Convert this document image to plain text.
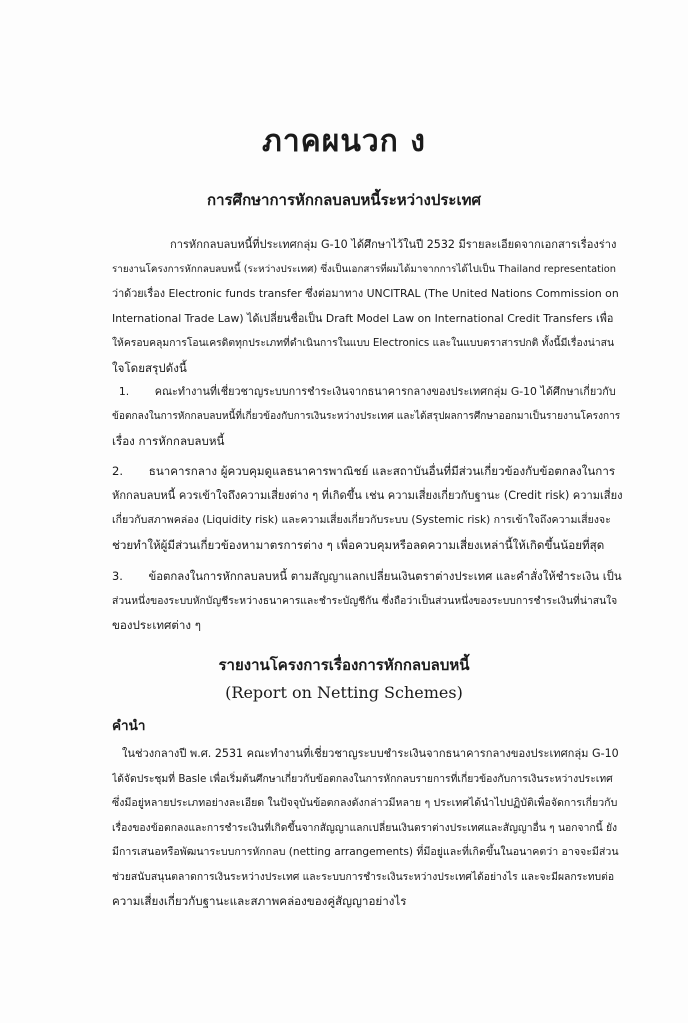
ภาคผนวก ง
การศึกษาการหักกลบลบหนี้ระหว่างประเทศ
การหักกลบลบหนี้ที่ประเทศกลุ่ม G-10 ได้ศึกษาไว้ในปี 2532 มีรายละเอียดจากเอกสารเรื่องร่าง
รายงานโครงการหักกลบลบหนี้ (ระหว่างประเทศ) ซึ่งเป็นเอกสารที่ผมได้มาจากการได้ไปเป็น Thailand representation
ว่าด้วยเรื่อง Electronic funds transfer ซึ่งต่อมาทาง UNCITRAL (The United Nations Commission on
International Trade Law) ได้เปลี่ยนชื่อเป็น Draft Model Law on International Credit Transfers เพื่อ
ให้ครอบคลุมการโอนเครดิตทุกประเภทที่ดำเนินการในแบบ Electronics และในแบบตราสารปกติ ทั้งนี้มีเรื่องน่าสน
ใจโดยสรุปดังนี้
1. คณะทำงานที่เชี่ยวชาญระบบการชำระเงินจากธนาคารกลางของประเทศกลุ่ม G-10 ได้ศึกษาเกี่ยวกับ
ข้อตกลงในการหักกลบลบหนี้ที่เกี่ยวข้องกับการเงินระหว่างประเทศ และได้สรุปผลการศึกษาออกมาเป็นรายงานโครงการ
เรื่อง การหักกลบลบหนี้
2. ธนาคารกลาง ผู้ควบคุมดูแลธนาคารพาณิชย์ และสถาบันอื่นที่มีส่วนเกี่ยวข้องกับข้อตกลงในการ
หักกลบลบหนี้ ควรเข้าใจถึงความเสี่ยงต่าง ๆ ที่เกิดขึ้น เช่น ความเสี่ยงเกี่ยวกับฐานะ (Credit risk) ความเสี่ยง
เกี่ยวกับสภาพคล่อง (Liquidity risk) และความเสี่ยงเกี่ยวกับระบบ (Systemic risk) การเข้าใจถึงความเสี่ยงจะ
ช่วยทำให้ผู้มีส่วนเกี่ยวข้องหามาตรการต่าง ๆ เพื่อควบคุมหรือลดความเสี่ยงเหล่านี้ให้เกิดขึ้นน้อยที่สุด
3. ข้อตกลงในการหักกลบลบหนี้ ตามสัญญาแลกเปลี่ยนเงินตราต่างประเทศ และคำสั่งให้ชำระเงิน เป็น
ส่วนหนึ่งของระบบหักบัญชีระหว่างธนาคารและชำระบัญชีกัน ซึ่งถือว่าเป็นส่วนหนึ่งของระบบการชำระเงินที่น่าสนใจ
ของประเทศต่าง ๆ
รายงานโครงการเรื่องการหักกลบลบหนี้
(Report on Netting Schemes)
คำนำ
ในช่วงกลางปี พ.ศ. 2531 คณะทำงานที่เชี่ยวชาญระบบชำระเงินจากธนาคารกลางของประเทศกลุ่ม G-10
ได้จัดประชุมที่ Basle เพื่อเริ่มต้นศึกษาเกี่ยวกับข้อตกลงในการหักกลบรายการที่เกี่ยวข้องกับการเงินระหว่างประเทศ
ซึ่งมีอยู่หลายประเภทอย่างละเอียด ในปัจจุบันข้อตกลงดังกล่าวมีหลาย ๆ ประเทศได้นำไปปฏิบัติเพื่อจัดการเกี่ยวกับ
เรื่องของข้อตกลงและการชำระเงินที่เกิดขึ้นจากสัญญาแลกเปลี่ยนเงินตราต่างประเทศและสัญญาอื่น ๆ นอกจากนี้ ยัง
มีการเสนอหรือพัฒนาระบบการหักกลบ (netting arrangements) ที่มีอยู่และที่เกิดขึ้นในอนาคตว่า อาจจะมีส่วน
ช่วยสนับสนุนตลาดการเงินระหว่างประเทศ และระบบการชำระเงินระหว่างประเทศได้อย่างไร และจะมีผลกระทบต่อ
ความเสี่ยงเกี่ยวกับฐานะและสภาพคล่องของคู่สัญญาอย่างไร
